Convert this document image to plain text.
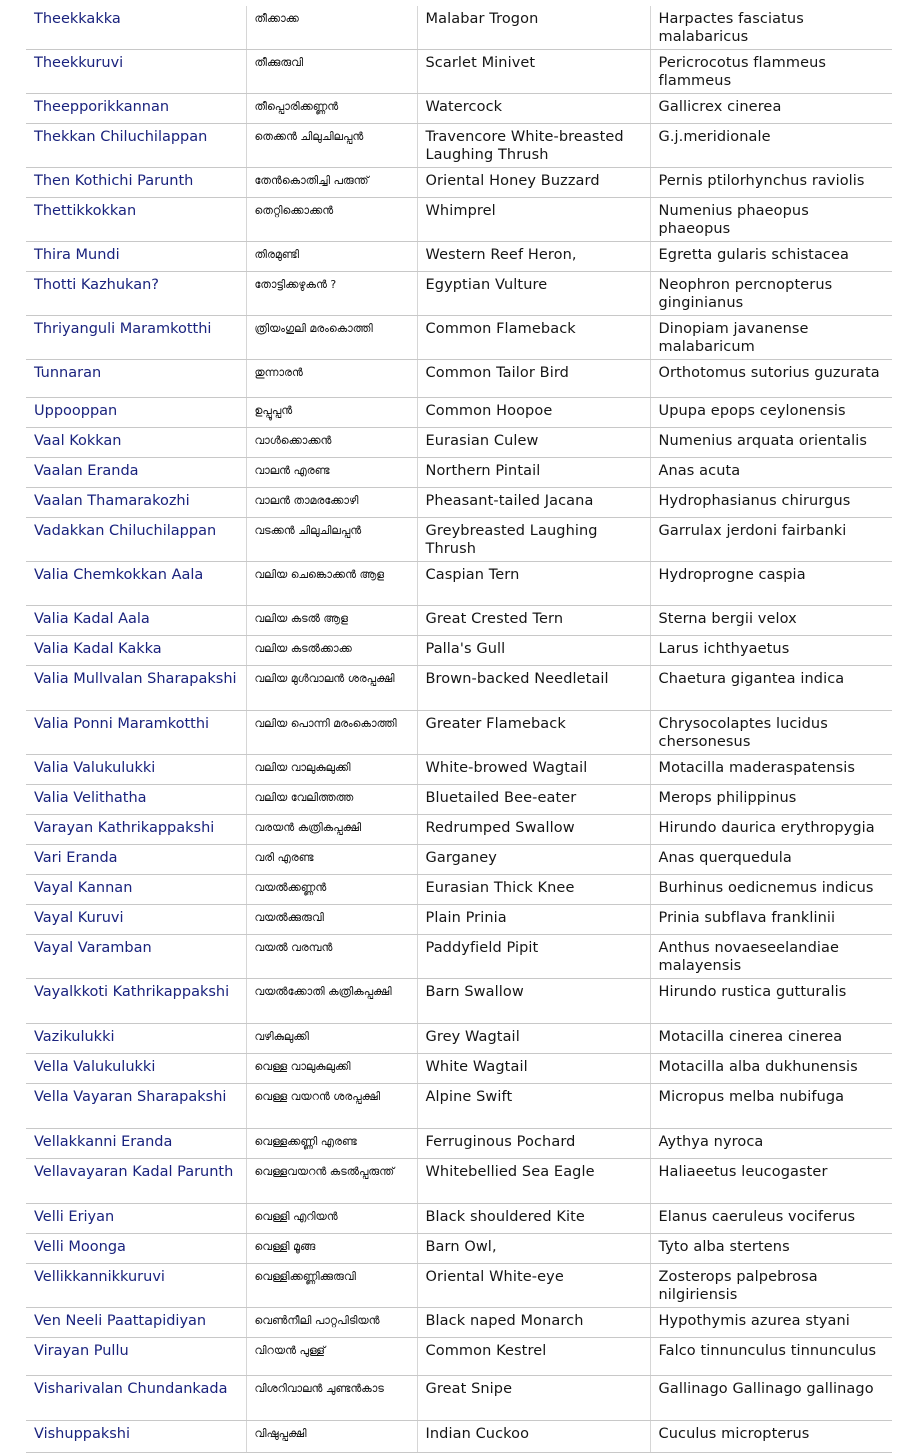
Theekkakka	തീക്കാക്ക	Malabar Trogon	Harpactes fasciatus malabaricus
Theekkuruvi	തീക്കുരുവി	Scarlet Minivet	Pericrocotus flammeus flammeus
Theepporikkannan	തീപ്പൊരിക്കണ്ണൻ	Watercock	Gallicrex cinerea
Thekkan Chiluchilappan	തെക്കൻ ചിലുചിലപ്പൻ	Travencore White-breasted Laughing Thrush	G.j.meridionale
Then Kothichi Parunth	തേൻകൊതിച്ചി പരുന്ത്	Oriental Honey Buzzard	Pernis ptilorhynchus raviolis
Thettikkokkan	തെറ്റിക്കൊക്കൻ	Whimprel	Numenius phaeopus phaeopus
Thira Mundi	തിരമുണ്ടി	Western Reef Heron,	Egretta gularis schistacea
Thotti Kazhukan?	തോട്ടിക്കഴുകൻ ?	Egyptian Vulture	Neophron percnopterus ginginianus
Thriyanguli Maramkotthi	ത്രിയംഗുലി മരംകൊത്തി	Common Flameback	Dinopiam javanense malabaricum
Tunnaran	തുന്നാരൻ	Common Tailor Bird	Orthotomus sutorius guzurata
Uppooppan	ഉപ്പൂപ്പൻ	Common Hoopoe	Upupa epops ceylonensis
Vaal Kokkan	വാൾക്കൊക്കൻ	Eurasian Culew	Numenius arquata orientalis
Vaalan Eranda	വാലൻ എരണ്ട	Northern Pintail	Anas acuta
Vaalan Thamarakozhi	വാലൻ താമരക്കോഴി	Pheasant-tailed Jacana	Hydrophasianus chirurgus
Vadakkan Chiluchilappan	വടക്കൻ ചിലുചിലപ്പൻ	Greybreasted Laughing Thrush	Garrulax jerdoni fairbanki
Valia Chemkokkan Aala	വലിയ ചെങ്കൊക്കൻ ആള	Caspian Tern	Hydroprogne caspia
Valia Kadal Aala	വലിയ കടൽ ആള	Great Crested Tern	Sterna bergii velox
Valia Kadal Kakka	വലിയ കടൽക്കാക്ക	Palla's Gull	Larus ichthyaetus
Valia Mullvalan Sharapakshi	വലിയ മുൾവാലൻ ശരപ്പക്ഷി	Brown-backed Needletail	Chaetura gigantea indica
Valia Ponni Maramkotthi	വലിയ പൊന്നി മരംകൊത്തി	Greater Flameback	Chrysocolaptes lucidus chersonesus
Valia Valukulukki	വലിയ വാലുകുലുക്കി	White-browed Wagtail	Motacilla maderaspatensis
Valia Velithatha	വലിയ വേലിത്തത്ത	Bluetailed Bee-eater	Merops philippinus
Varayan Kathrikappakshi	വരയൻ കത്രികപ്പക്ഷി	Redrumped Swallow	Hirundo daurica erythropygia
Vari Eranda	വരി എരണ്ട	Garganey	Anas querquedula
Vayal Kannan	വയൽക്കണ്ണൻ	Eurasian Thick Knee	Burhinus oedicnemus indicus
Vayal Kuruvi	വയൽക്കുരുവി	Plain Prinia	Prinia subflava franklinii
Vayal Varamban	വയൽ വരമ്പൻ	Paddyfield Pipit	Anthus novaeseelandiae malayensis
Vayalkkoti Kathrikappakshi	വയൽക്കോതി കത്രികപ്പക്ഷി	Barn Swallow	Hirundo rustica gutturalis
Vazikulukki	വഴികുലുക്കി	Grey Wagtail	Motacilla cinerea cinerea
Vella Valukulukki	വെള്ള വാലുകുലുക്കി	White Wagtail	Motacilla alba dukhunensis
Vella Vayaran Sharapakshi	വെള്ള വയറൻ ശരപ്പക്ഷി	Alpine Swift	Micropus melba nubifuga
Vellakkanni Eranda	വെള്ളക്കണ്ണി എരണ്ട	Ferruginous Pochard	Aythya nyroca
Vellavayaran Kadal Parunth	വെള്ളവയറൻ കടൽപ്പരുന്ത്	Whitebellied Sea Eagle	Haliaeetus leucogaster
Velli Eriyan	വെള്ളി എറിയൻ	Black shouldered Kite	Elanus caeruleus vociferus
Velli Moonga	വെള്ളി മൂങ്ങ	Barn Owl,	Tyto alba stertens
Vellikkannikkuruvi	വെള്ളിക്കണ്ണിക്കുരുവി	Oriental White-eye	Zosterops palpebrosa nilgiriensis
Ven Neeli Paattapidiyan	വെൺനീലി പാറ്റപിടിയൻ	Black naped Monarch	Hypothymis azurea styani
Virayan Pullu	വിറയൻ പുള്ള്	Common Kestrel	Falco tinnunculus tinnunculus
Visharivalan Chundankada	വിശറിവാലൻ ചുണ്ടൻകാട	Great Snipe	Gallinago Gallinago gallinago
Vishuppakshi	വിഷുപ്പക്ഷി	Indian Cuckoo	Cuculus micropterus
